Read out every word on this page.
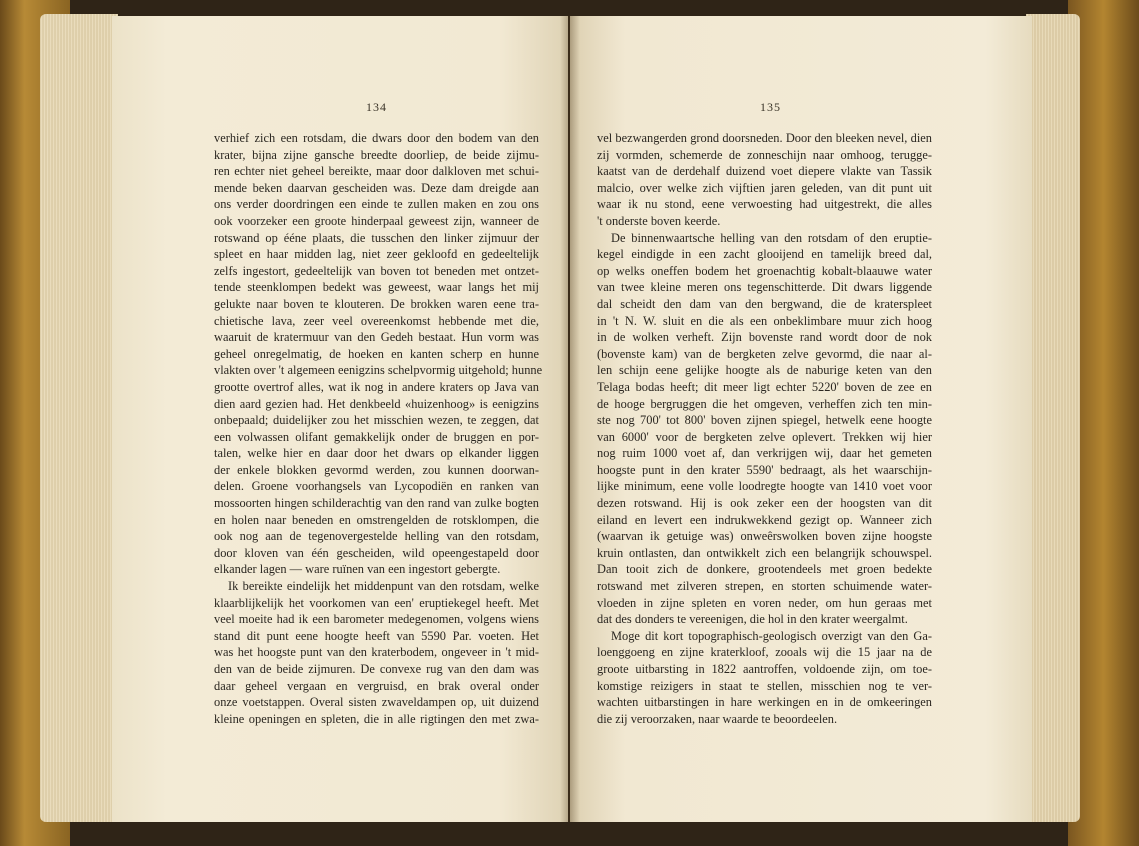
134	135
verhief zich een rotsdam, die dwars door den bodem van den
krater, bijna zijne gansche breedte doorliep, de beide zijmu-
ren echter niet geheel bereikte, maar door dalkloven met schui-
mende beken daarvan gescheiden was. Deze dam dreigde aan
ons verder doordringen een einde te zullen maken en zou ons
ook voorzeker een groote hinderpaal geweest zijn, wanneer de
rotswand op ééne plaats, die tusschen den linker zijmuur der
spleet en haar midden lag, niet zeer gekloofd en gedeeltelijk
zelfs ingestort, gedeeltelijk van boven tot beneden met ontzet-
tende steenklompen bedekt was geweest, waar langs het mij
gelukte naar boven te klouteren. De brokken waren eene tra-
chietische lava, zeer veel overeenkomst hebbende met die,
waaruit de kratermuur van den Gedeh bestaat. Hun vorm was
geheel onregelmatig, de hoeken en kanten scherp en hunne
vlakten over 't algemeen eenigzins schelpvormig uitgehold; hunne
grootte overtrof alles, wat ik nog in andere kraters op Java van
dien aard gezien had. Het denkbeeld «huizenhoog» is eenigzins
onbepaald; duidelijker zou het misschien wezen, te zeggen, dat
een volwassen olifant gemakkelijk onder de bruggen en por-
talen, welke hier en daar door het dwars op elkander liggen
der enkele blokken gevormd werden, zou kunnen doorwan-
delen. Groene voorhangsels van Lycopodiën en ranken van
mossoorten hingen schilderachtig van den rand van zulke bogten
en holen naar beneden en omstrengelden de rotsklompen, die
ook nog aan de tegenovergestelde helling van den rotsdam,
door kloven van één gescheiden, wild opeengestapeld door
elkander lagen — ware ruïnen van een ingestort gebergte.
Ik bereikte eindelijk het middenpunt van den rotsdam, welke
klaarblijkelijk het voorkomen van een' eruptiekegel heeft. Met
veel moeite had ik een barometer medegenomen, volgens wiens
stand dit punt eene hoogte heeft van 5590 Par. voeten. Het
was het hoogste punt van den kraterbodem, ongeveer in 't mid-
den van de beide zijmuren. De convexe rug van den dam was
daar geheel vergaan en vergruisd, en brak overal onder
onze voetstappen. Overal sisten zwaveldampen op, uit duizend
kleine openingen en spleten, die in alle rigtingen den met zwa-
vel bezwangerden grond doorsneden. Door den bleeken nevel, dien
zij vormden, schemerde de zonneschijn naar omhoog, terugge-
kaatst van de derdehalf duizend voet diepere vlakte van Tassik
malcio, over welke zich vijftien jaren geleden, van dit punt uit
waar ik nu stond, eene verwoesting had uitgestrekt, die alles
't onderste boven keerde.
De binnenwaartsche helling van den rotsdam of den eruptie-
kegel eindigde in een zacht glooijend en tamelijk breed dal,
op welks oneffen bodem het groenachtig kobalt-blaauwe water
van twee kleine meren ons tegenschitterde. Dit dwars liggende
dal scheidt den dam van den bergwand, die de kraterspleet
in 't N. W. sluit en die als een onbeklimbare muur zich hoog
in de wolken verheft. Zijn bovenste rand wordt door de nok
(bovenste kam) van de bergketen zelve gevormd, die naar al-
len schijn eene gelijke hoogte als de naburige keten van den
Telaga bodas heeft; dit meer ligt echter 5220' boven de zee en
de hooge bergruggen die het omgeven, verheffen zich ten min-
ste nog 700' tot 800' boven zijnen spiegel, hetwelk eene hoogte
van 6000' voor de bergketen zelve oplevert. Trekken wij hier
nog ruim 1000 voet af, dan verkrijgen wij, daar het gemeten
hoogste punt in den krater 5590' bedraagt, als het waarschijn-
lijke minimum, eene volle loodregte hoogte van 1410 voet voor
dezen rotswand. Hij is ook zeker een der hoogsten van dit
eiland en levert een indrukwekkend gezigt op. Wanneer zich
(waarvan ik getuige was) onweêrswolken boven zijne hoogste
kruin ontlasten, dan ontwikkelt zich een belangrijk schouwspel.
Dan tooit zich de donkere, grootendeels met groen bedekte
rotswand met zilveren strepen, en storten schuimende water-
vloeden in zijne spleten en voren neder, om hun geraas met
dat des donders te vereenigen, die hol in den krater weergalmt.
Moge dit kort topographisch-geologisch overzigt van den Ga-
loenggoeng en zijne kraterkloof, zooals wij die 15 jaar na de
groote uitbarsting in 1822 aantroffen, voldoende zijn, om toe-
komstige reizigers in staat te stellen, misschien nog te ver-
wachten uitbarstingen in hare werkingen en in de omkeeringen
die zij veroorzaken, naar waarde te beoordeelen.
